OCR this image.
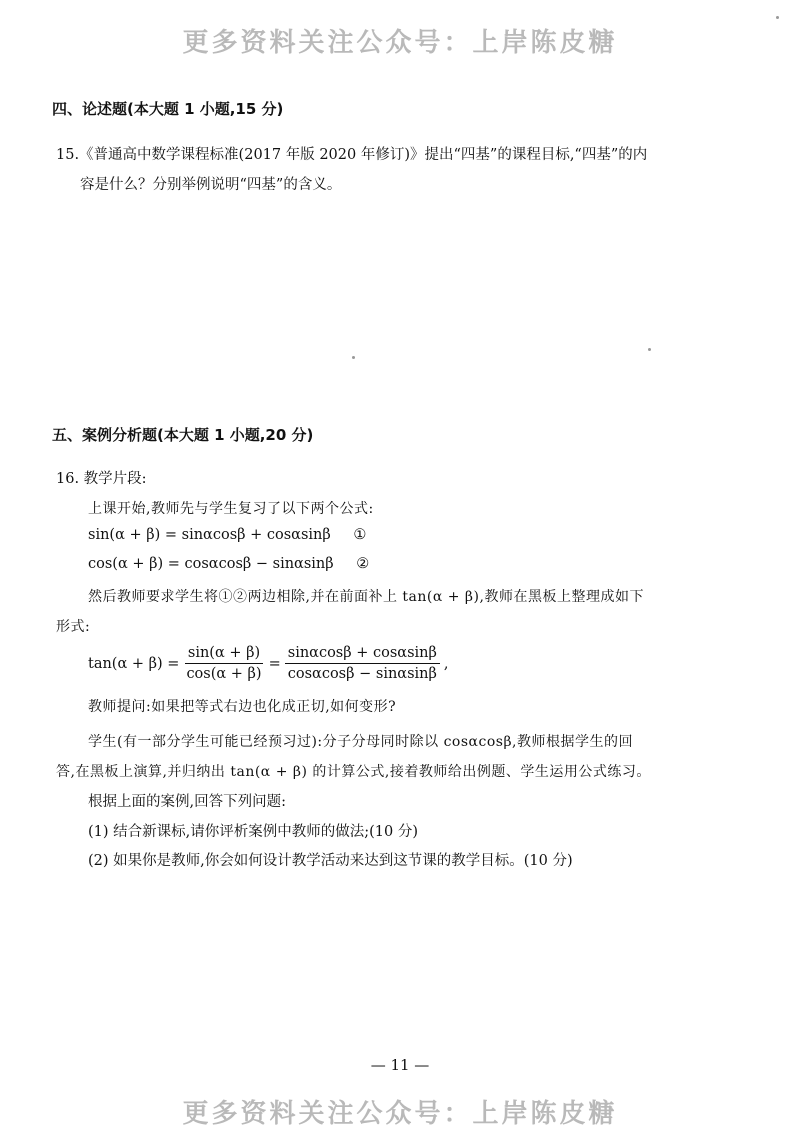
更多资料关注公众号：上岸陈皮糖
四、论述题(本大题 1 小题,15 分)
15.《普通高中数学课程标准(2017 年版 2020 年修订)》提出“四基”的课程目标,“四基”的内
容是什么？分别举例说明“四基”的含义。
五、案例分析题(本大题 1 小题,20 分)
16. 教学片段:
上课开始,教师先与学生复习了以下两个公式:
sin(α + β) = sinαcosβ + cosαsinβ ①
cos(α + β) = cosαcosβ − sinαsinβ ②
然后教师要求学生将①②两边相除,并在前面补上 tan(α + β),教师在黑板上整理成如下
形式:
$\tan(\alpha + \beta) = \frac{\sin(\alpha + \beta)}{\cos(\alpha + \beta)} = \frac{\sin\alpha\cos\beta + \cos\alpha\sin\beta}{\cos\alpha\cos\beta - \sin\alpha\sin\beta}$ ,
教师提问:如果把等式右边也化成正切,如何变形?
学生(有一部分学生可能已经预习过):分子分母同时除以 cosαcosβ,教师根据学生的回
答,在黑板上演算,并归纳出 tan(α + β) 的计算公式,接着教师给出例题、学生运用公式练习。
根据上面的案例,回答下列问题:
(1) 结合新课标,请你评析案例中教师的做法;(10 分)
(2) 如果你是教师,你会如何设计教学活动来达到这节课的教学目标。(10 分)
— 11 —
更多资料关注公众号：上岸陈皮糖
